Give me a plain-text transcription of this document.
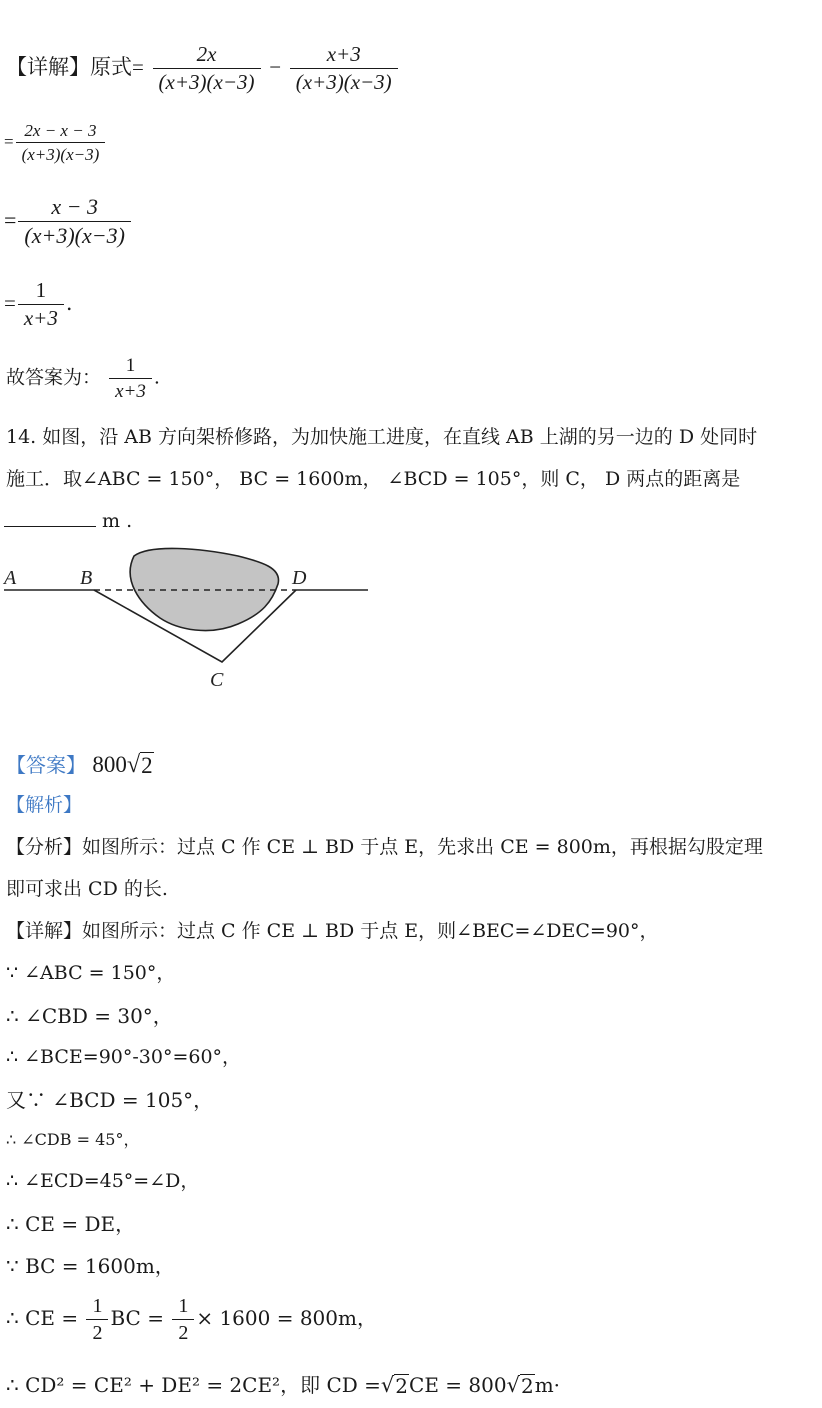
【详解】原式= $\frac{2x}{(x+3)(x-3)} - \frac{x+3}{(x+3)(x-3)}$
= $\frac{2x - x - 3}{(x+3)(x-3)}$
= $\frac{x - 3}{(x+3)(x-3)}$
= $\frac{1}{x+3}$ .
故答案为： $\frac{1}{x+3}$ .
14. 如图，沿 AB 方向架桥修路，为加快施工进度，在直线 AB 上湖的另一边的 D 处同时
施工．取∠ABC = 150°， BC = 1600m， ∠BCD = 105°，则 C， D 两点的距离是
m .
A	B	D
C
【答案】 800 √ 2
【解析】
【分析】如图所示：过点 C 作 CE ⊥ BD 于点 E，先求出 CE = 800m，再根据勾股定理
即可求出 CD 的长.
【详解】如图所示：过点 C 作 CE ⊥ BD 于点 E，则∠BEC=∠DEC=90°，
∵ ∠ABC = 150°，
∴ ∠CBD = 30°，
∴ ∠BCE=90°-30°=60°，
又∵ ∠BCD = 105°，
∴ ∠CDB = 45°，
∴ ∠ECD=45°=∠D，
∴ CE = DE，
∵ BC = 1600m，
∴ CE = $\frac{1}{2}$ BC = $\frac{1}{2} \times 1600 = 800m$，
∴ CD² = CE² + DE² = 2CE²，即 CD = √ 2 CE = 800 √ 2 m·
